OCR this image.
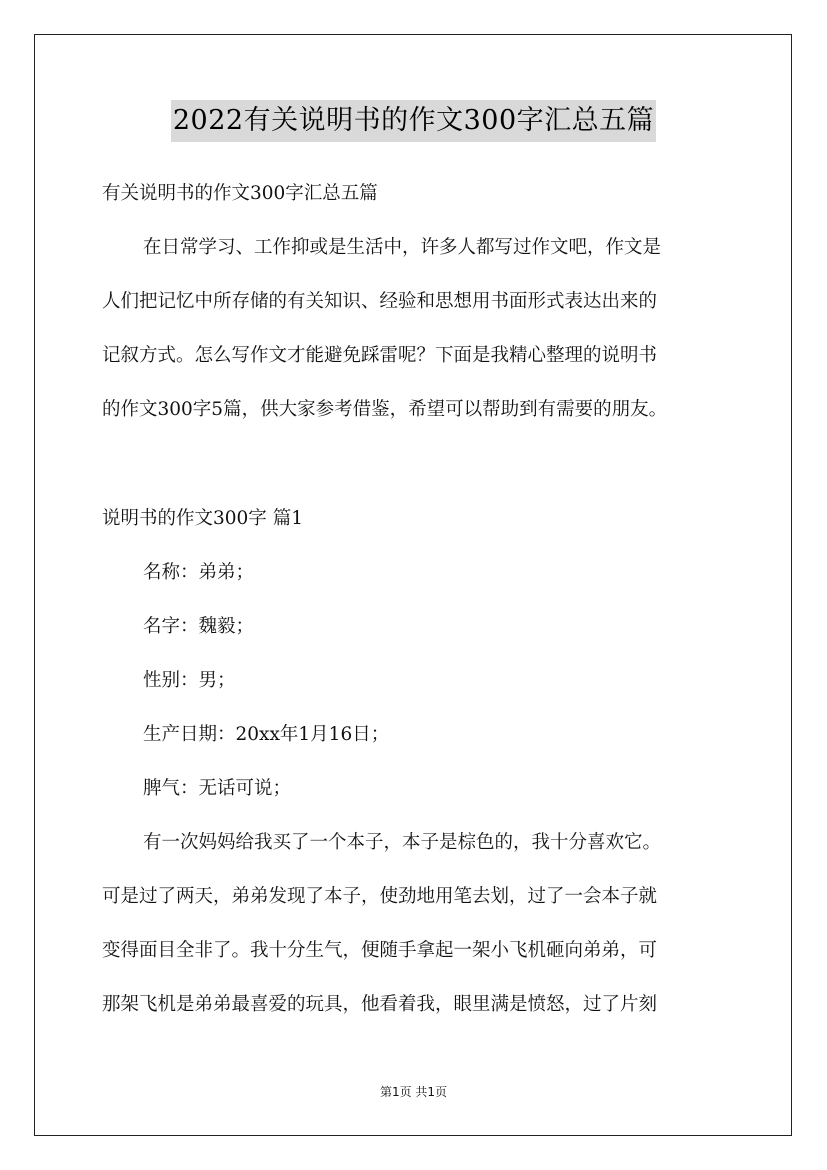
2022有关说明书的作文300字汇总五篇
有关说明书的作文300字汇总五篇
在日常学习、工作抑或是生活中，许多人都写过作文吧，作文是
人们把记忆中所存储的有关知识、经验和思想用书面形式表达出来的
记叙方式。怎么写作文才能避免踩雷呢？下面是我精心整理的说明书
的作文300字5篇，供大家参考借鉴，希望可以帮助到有需要的朋友。
说明书的作文300字 篇1
名称：弟弟；
名字：魏毅；
性别：男；
生产日期：20xx年1月16日；
脾气：无话可说；
有一次妈妈给我买了一个本子，本子是棕色的，我十分喜欢它。
可是过了两天，弟弟发现了本子，使劲地用笔去划，过了一会本子就
变得面目全非了。我十分生气，便随手拿起一架小飞机砸向弟弟，可
那架飞机是弟弟最喜爱的玩具，他看着我，眼里满是愤怒，过了片刻
第1页 共1页
